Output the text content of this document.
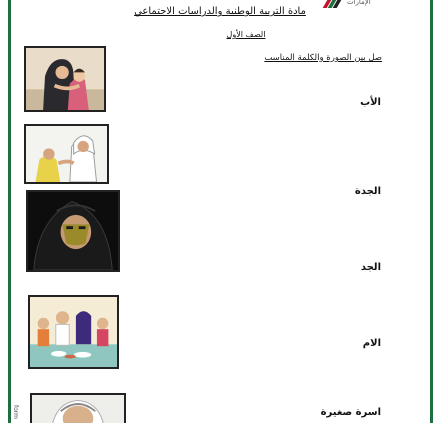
form
الإمارات
مادة التربية الوطنية والدراسات الاجتماعي
الصف الأول
صل بين الصورة والكلمة المناسب
الأب
الجدة
الجد
الام
اسرة صغيرة
